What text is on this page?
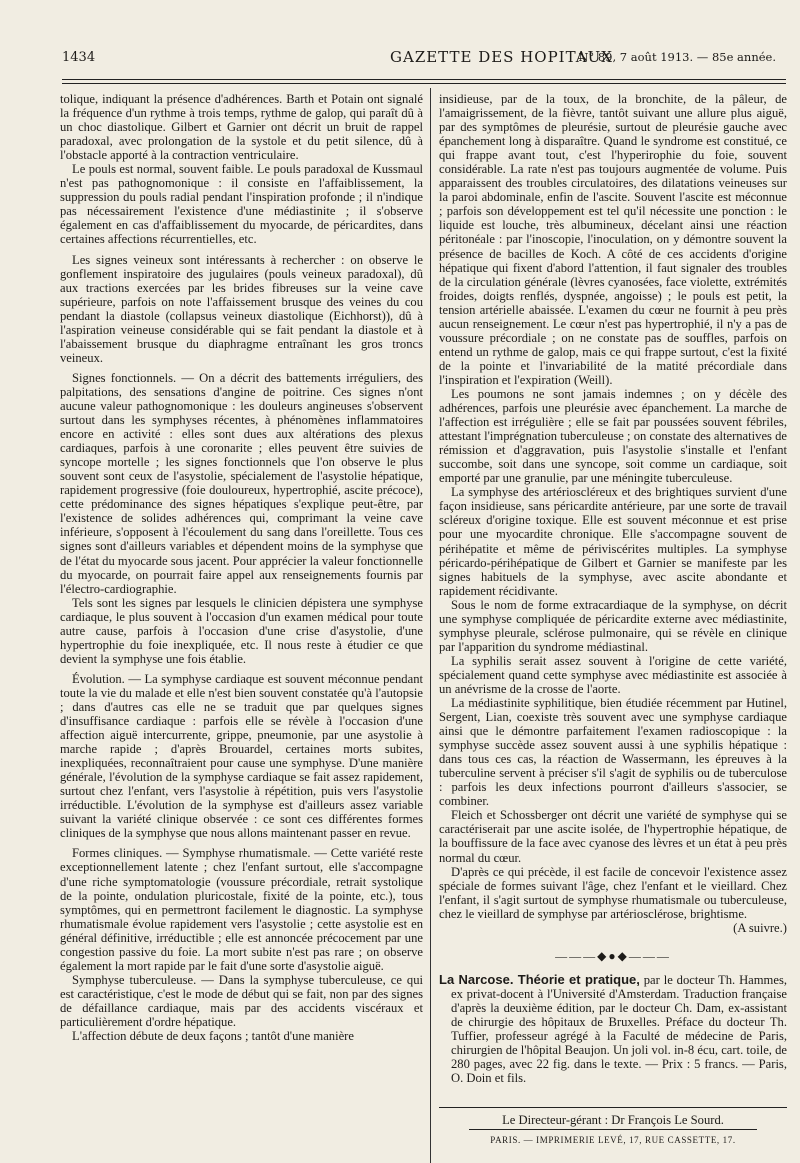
1434	GAZETTE DES HOPITAUX
N° 89, 7 août 1913. — 85e année.

tolique, indiquant la présence d'adhérences. Barth et Potain ont signalé la fréquence d'un rythme à trois temps, rythme de galop, qui paraît dû à un choc diastolique. Gilbert et Garnier ont décrit un bruit de rappel paradoxal, avec prolongation de la systole et du petit silence, dû à l'obstacle apporté à la contraction ventriculaire.

Le pouls est normal, souvent faible. Le pouls paradoxal de Kussmaul n'est pas pathognomonique : il consiste en l'affaiblissement, la suppression du pouls radial pendant l'inspiration profonde ; il n'indique pas nécessairement l'existence d'une médiastinite ; il s'observe également en cas d'affaiblissement du myocarde, de péricardites, dans certaines affections récurrentielles, etc.

Les signes veineux sont intéressants à rechercher : on observe le gonflement inspiratoire des jugulaires (pouls veineux paradoxal), dû aux tractions exercées par les brides fibreuses sur la veine cave supérieure, parfois on note l'affaissement brusque des veines du cou pendant la diastole (collapsus veineux diastolique (Eichhorst)), dû à l'aspiration veineuse considérable qui se fait pendant la diastole et à l'abaissement brusque du diaphragme entraînant les gros troncs veineux.

Signes fonctionnels. — On a décrit des battements irréguliers, des palpitations, des sensations d'angine de poitrine. Ces signes n'ont aucune valeur pathognomonique : les douleurs angineuses s'observent surtout dans les symphyses récentes, à phénomènes inflammatoires encore en activité : elles sont dues aux altérations des plexus cardiaques, parfois à une coronarite ; elles peuvent être suivies de syncope mortelle ; les signes fonctionnels que l'on observe le plus souvent sont ceux de l'asystolie, spécialement de l'asystolie hépatique, rapidement progressive (foie douloureux, hypertrophié, ascite précoce), cette prédominance des signes hépatiques s'explique peut-être, par l'existence de solides adhérences qui, comprimant la veine cave inférieure, s'opposent à l'écoulement du sang dans l'oreillette. Tous ces signes sont d'ailleurs variables et dépendent moins de la symphyse que de l'état du myocarde sous jacent. Pour apprécier la valeur fonctionnelle du myocarde, on pourrait faire appel aux renseignements fournis par l'électro-cardiographie.

Tels sont les signes par lesquels le clinicien dépistera une symphyse cardiaque, le plus souvent à l'occasion d'un examen médical pour toute autre cause, parfois à l'occasion d'une crise d'asystolie, d'une hypertrophie du foie inexpliquée, etc. Il nous reste à étudier ce que devient la symphyse une fois établie.

Évolution. — La symphyse cardiaque est souvent méconnue pendant toute la vie du malade et elle n'est bien souvent constatée qu'à l'autopsie ; dans d'autres cas elle ne se traduit que par quelques signes d'insuffisance cardiaque : parfois elle se révèle à l'occasion d'une affection aiguë intercurrente, grippe, pneumonie, par une asystolie à marche rapide ; d'après Brouardel, certaines morts subites, inexpliquées, reconnaîtraient pour cause une symphyse. D'une manière générale, l'évolution de la symphyse cardiaque se fait assez rapidement, surtout chez l'enfant, vers l'asystolie à répétition, puis vers l'asystolie irréductible. L'évolution de la symphyse est d'ailleurs assez variable suivant la variété clinique observée : ce sont ces différentes formes cliniques de la symphyse que nous allons maintenant passer en revue.

Formes cliniques. — Symphyse rhumatismale. — Cette variété reste exceptionnellement latente ; chez l'enfant surtout, elle s'accompagne d'une riche symptomatologie (voussure précordiale, retrait systolique de la pointe, ondulation pluricostale, fixité de la pointe, etc.), tous symptômes, qui en permettront facilement le diagnostic. La symphyse rhumatismale évolue rapidement vers l'asystolie ; cette asystolie est en général définitive, irréductible ; elle est annoncée précocement par une congestion passive du foie. La mort subite n'est pas rare ; on observe également la mort rapide par le fait d'une sorte d'asystolie aiguë.

Symphyse tuberculeuse. — Dans la symphyse tuberculeuse, ce qui est caractéristique, c'est le mode de début qui se fait, non par des signes de défaillance cardiaque, mais par des accidents viscéraux et particulièrement d'ordre hépatique.

L'affection débute de deux façons ; tantôt d'une manière

insidieuse, par de la toux, de la bronchite, de la pâleur, de l'amaigrissement, de la fièvre, tantôt suivant une allure plus aiguë, par des symptômes de pleurésie, surtout de pleurésie gauche avec épanchement long à disparaître. Quand le syndrome est constitué, ce qui frappe avant tout, c'est l'hyperirophie du foie, souvent considérable. La rate n'est pas toujours augmentée de volume. Puis apparaissent des troubles circulatoires, des dilatations veineuses sur la paroi abdominale, enfin de l'ascite. Souvent l'ascite est méconnue ; parfois son développement est tel qu'il nécessite une ponction : le liquide est louche, très albumineux, décelant ainsi une réaction péritonéale : par l'inoscopie, l'inoculation, on y démontre souvent la présence de bacilles de Koch. A côté de ces accidents d'origine hépatique qui fixent d'abord l'attention, il faut signaler des troubles de la circulation générale (lèvres cyanosées, face violette, extrémités froides, doigts renflés, dyspnée, angoisse) ; le pouls est petit, la tension artérielle abaissée. L'examen du cœur ne fournit à peu près aucun renseignement. Le cœur n'est pas hypertrophié, il n'y a pas de voussure précordiale ; on ne constate pas de souffles, parfois on entend un rythme de galop, mais ce qui frappe surtout, c'est la fixité de la pointe et l'invariabilité de la matité précordiale dans l'inspiration et l'expiration (Weill).

Les poumons ne sont jamais indemnes ; on y décèle des adhérences, parfois une pleurésie avec épanchement. La marche de l'affection est irrégulière ; elle se fait par poussées souvent fébriles, attestant l'imprégnation tuberculeuse ; on constate des alternatives de rémission et d'aggravation, puis l'asystolie s'installe et l'enfant succombe, soit dans une syncope, soit comme un cardiaque, soit emporté par une granulie, par une méningite tuberculeuse.

La symphyse des artérioscléreux et des brightiques survient d'une façon insidieuse, sans péricardite antérieure, par une sorte de travail scléreux d'origine toxique. Elle est souvent méconnue et est prise pour une myocardite chronique. Elle s'accompagne souvent de périhépatite et même de périviscérites multiples. La symphyse péricardo-périhépatique de Gilbert et Garnier se manifeste par les signes habituels de la symphyse, avec ascite abondante et rapidement récidivante.

Sous le nom de forme extracardiaque de la symphyse, on décrit une symphyse compliquée de péricardite externe avec médiastinite, symphyse pleurale, sclérose pulmonaire, qui se révèle en clinique par l'apparition du syndrome médiastinal.

La syphilis serait assez souvent à l'origine de cette variété, spécialement quand cette symphyse avec médiastinite est associée à un anévrisme de la crosse de l'aorte.

La médiastinite syphilitique, bien étudiée récemment par Hutinel, Sergent, Lian, coexiste très souvent avec une symphyse cardiaque ainsi que le démontre parfaitement l'examen radioscopique : la symphyse succède assez souvent aussi à une syphilis hépatique : dans tous ces cas, la réaction de Wassermann, les épreuves à la tuberculine servent à préciser s'il s'agit de syphilis ou de tuberculose : parfois les deux infections pourront d'ailleurs s'associer, se combiner.

Fleich et Schossberger ont décrit une variété de symphyse qui se caractériserait par une ascite isolée, de l'hypertrophie hépatique, de la bouffissure de la face avec cyanose des lèvres et un état à peu près normal du cœur.

D'après ce qui précède, il est facile de concevoir l'existence assez spéciale de formes suivant l'âge, chez l'enfant et le vieillard. Chez l'enfant, il s'agit surtout de symphyse rhumatismale ou tuberculeuse, chez le vieillard de symphyse par artériosclérose, brightisme.

(A suivre.)

———◆●◆———

La Narcose. Théorie et pratique, par le docteur Th. Hammes, ex privat-docent à l'Université d'Amsterdam. Traduction française d'après la deuxième édition, par le docteur Ch. Dam, ex-assistant de chirurgie des hôpitaux de Bruxelles. Préface du docteur Th. Tuffier, professeur agrégé à la Faculté de médecine de Paris, chirurgien de l'hôpital Beaujon. Un joli vol. in-8 écu, cart. toile, de 280 pages, avec 22 fig. dans le texte. — Prix : 5 francs. — Paris, O. Doin et fils.

Le Directeur-gérant : Dr François Le Sourd.
PARIS. — IMPRIMERIE LEVÉ, 17, RUE CASSETTE, 17.
